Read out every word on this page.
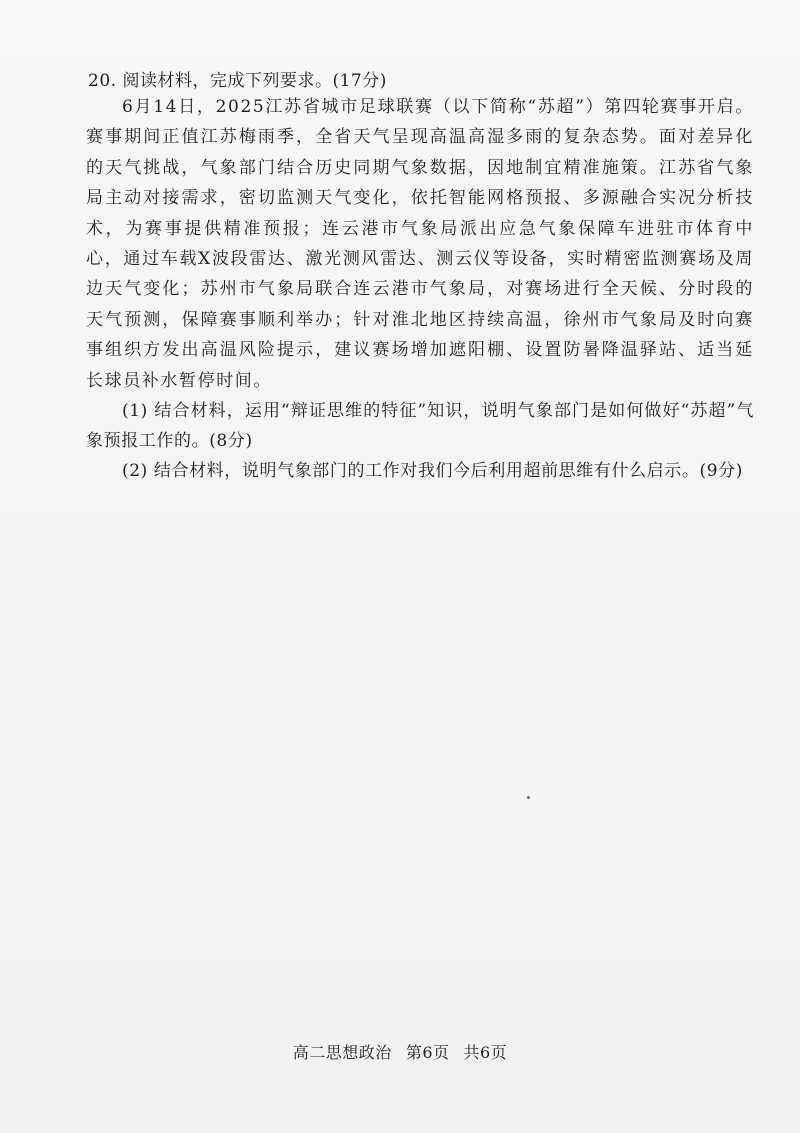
20. 阅读材料，完成下列要求。(17分)

6月14日，2025江苏省城市足球联赛（以下简称“苏超”）第四轮赛事开启。赛事期间正值江苏梅雨季，全省天气呈现高温高湿多雨的复杂态势。面对差异化的天气挑战，气象部门结合历史同期气象数据，因地制宜精准施策。江苏省气象局主动对接需求，密切监测天气变化，依托智能网格预报、多源融合实况分析技术，为赛事提供精准预报；连云港市气象局派出应急气象保障车进驻市体育中心，通过车载X波段雷达、激光测风雷达、测云仪等设备，实时精密监测赛场及周边天气变化；苏州市气象局联合连云港市气象局，对赛场进行全天候、分时段的天气预测，保障赛事顺利举办；针对淮北地区持续高温，徐州市气象局及时向赛事组织方发出高温风险提示，建议赛场增加遮阳棚、设置防暑降温驿站、适当延长球员补水暂停时间。

(1) 结合材料，运用“辩证思维的特征”知识，说明气象部门是如何做好“苏超”气象预报工作的。(8分)

(2) 结合材料，说明气象部门的工作对我们今后利用超前思维有什么启示。(9分)

高二思想政治 第6页 共6页
